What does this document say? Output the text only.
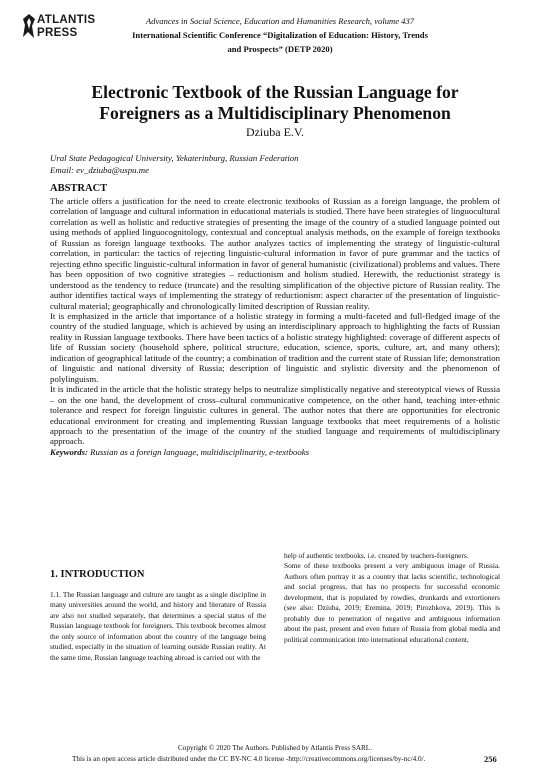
ATLANTIS
PRESS
Advances in Social Science, Education and Humanities Research, volume 437
International Scientific Conference “Digitalization of Education: History, Trends
and Prospects” (DETP 2020)
Electronic Textbook of the Russian Language for
Foreigners as a Multidisciplinary Phenomenon
Dziuba E.V.
Ural State Pedagogical University, Yekaterinburg, Russian Federation
Email: ev_dziuba@uspu.me
ABSTRACT

The article offers a justification for the need to create electronic textbooks of Russian as a foreign language, the problem of correlation of language and cultural information in educational materials is studied. There have been strategies of linguocultural correlation as well as holistic and reductive strategies of presenting the image of the country of a studied language pointed out using methods of applied linguocognitology, contextual and conceptual analysis methods, on the example of foreign textbooks of Russian as foreign language textbooks. The author analyzes tactics of implementing the strategy of linguistic-cultural correlation, in particular: the tactics of rejecting linguistic-cultural information in favor of pure grammar and the tactics of rejecting ethno specific linguistic-cultural information in favor of general humanistic (civilizational) problems and values. There has been opposition of two cognitive strategies – reductionism and holism studied. Herewith, the reductionist strategy is understood as the tendency to reduce (truncate) and the resulting simplification of the objective picture of Russian reality. The author identifies tactical ways of implementing the strategy of reductionism: aspect character of the presentation of linguistic-cultural material; geographically and chronologically limited description of Russian reality.

It is emphasized in the article that importance of a holistic strategy in forming a multi-faceted and full-fledged image of the country of the studied language, which is achieved by using an interdisciplinary approach to highlighting the facts of Russian reality in Russian language textbooks. There have been tactics of a holistic strategy highlighted: coverage of different aspects of life of Russian society (household sphere, political structure, education, science, sports, culture, art, and many others); indication of geographical latitude of the country; a combination of tradition and the current state of Russian life; demonstration of linguistic and national diversity of Russia; description of linguistic and stylistic diversity and the phenomenon of polylinguism.

It is indicated in the article that the holistic strategy helps to neutralize simplistically negative and stereotypical views of Russia – on the one hand, the development of cross–cultural communicative competence, on the other hand, teaching inter-ethnic tolerance and respect for foreign linguistic cultures in general. The author notes that there are opportunities for electronic educational environment for creating and implementing Russian language textbooks that meet requirements of a holistic approach to the presentation of the image of the country of the studied language and requirements of multidisciplinary approach.

Keywords: Russian as a foreign language, multidisciplinarity, e-textbooks
1. INTRODUCTION

1.1. The Russian language and culture are taught as a single discipline in many universities around the world, and history and literature of Russia are also not studied separately, that determines a special status of the Russian language textbook for foreigners. This textbook becomes almost the only source of information about the country of the language being studied, especially in the situation of learning outside Russian reality. At the same time, Russian language teaching abroad is carried out with the

help of authentic textbooks, i.e. created by teachers-foreigners.

Some of these textbooks present a very ambiguous image of Russia. Authors often portray it as a country that lacks scientific, technological and social progress, that has no prospects for successful economic development, that is populated by rowdies, drunkards and extortioners (see also: Dziuba, 2019; Eremina, 2019; Pirozhkova, 2019). This is probably due to penetration of negative and ambiguous information about the past, present and even future of Russia from global media and political communication into international educational content,

Copyright © 2020 The Authors. Published by Atlantis Press SARL.
This is an open access article distributed under the CC BY-NC 4.0 license -http://creativecommons.org/licenses/by-nc/4.0/.	256
